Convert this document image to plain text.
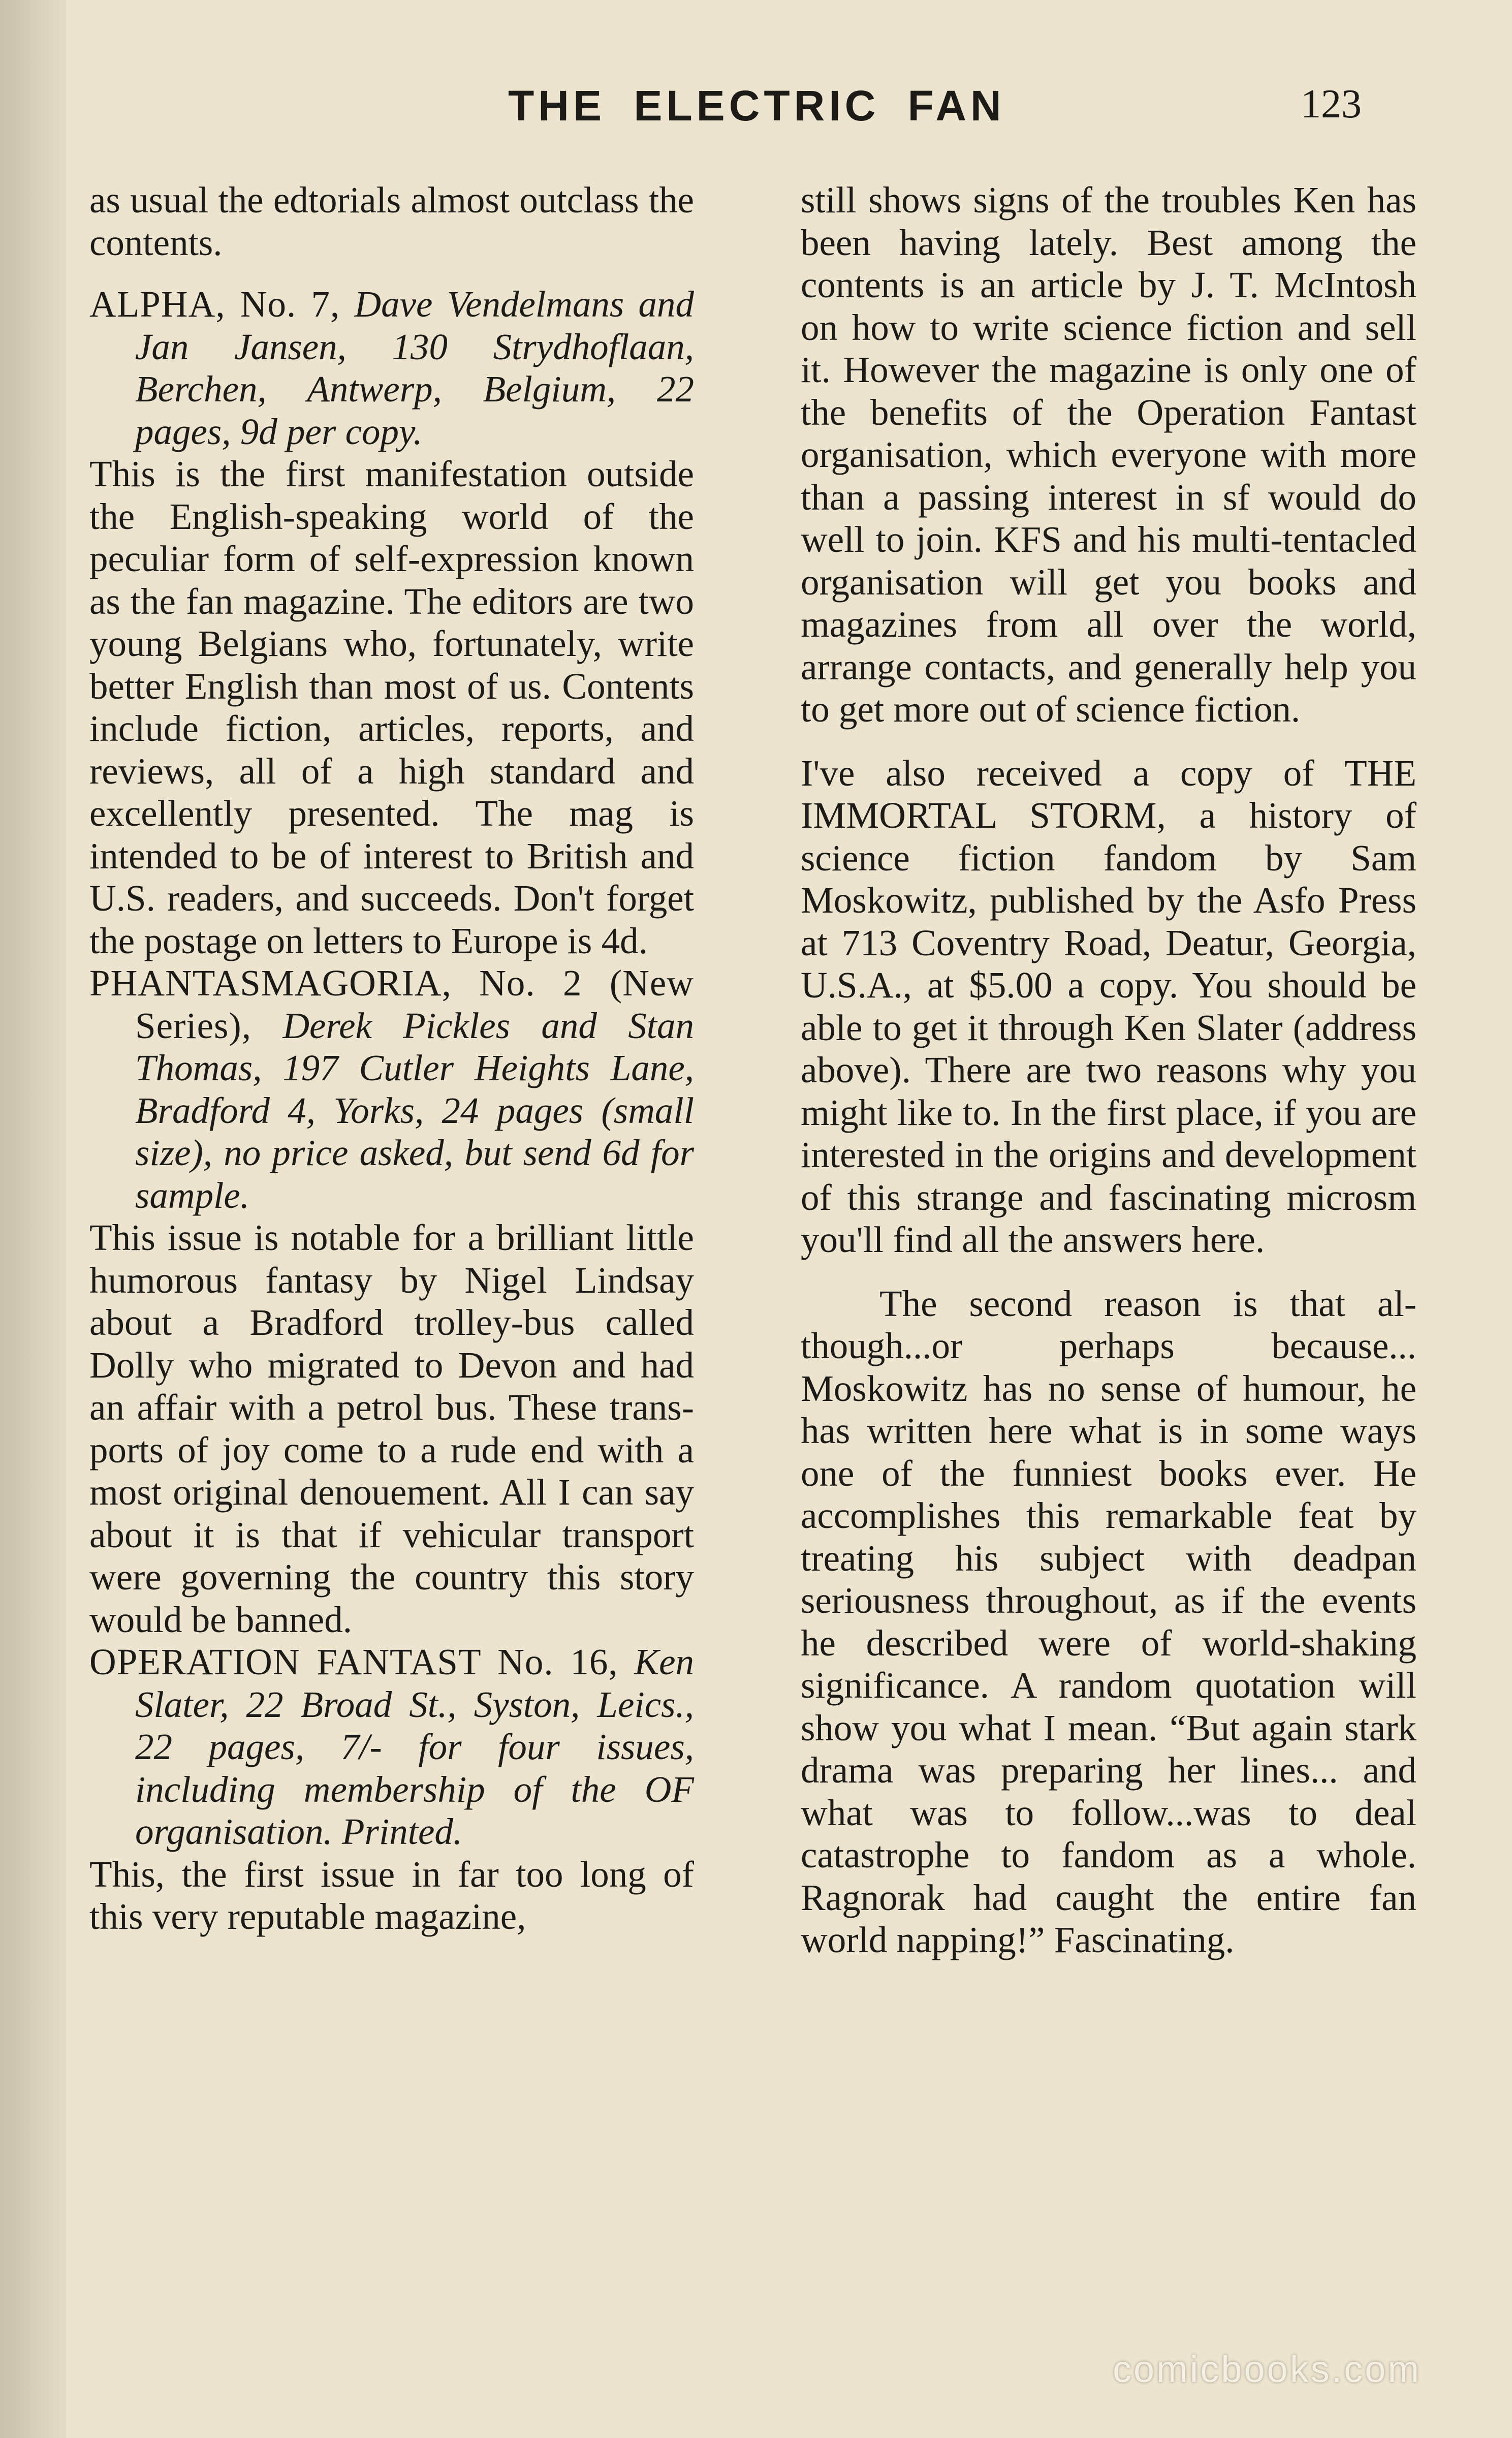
THE ELECTRIC FAN	123

as usual the edtorials almost outclass the contents.

ALPHA, No. 7, Dave Vendelmans and Jan Jansen, 130 Strydhoflaan, Berchen, Antwerp, Belgium, 22 pages, 9d per copy.

This is the first manifestation outside the English-speaking world of the peculiar form of self-expression known as the fan magazine. The editors are two young Belgians who, fortunately, write better English than most of us. Contents include fiction, articles, reports, and reviews, all of a high standard and excellently presented. The mag is intended to be of interest to British and U.S. readers, and succeeds. Don't forget the postage on letters to Europe is 4d.

PHANTASMAGORIA, No. 2 (New Series), Derek Pickles and Stan Thomas, 197 Cutler Heights Lane, Bradford 4, Yorks, 24 pages (small size), no price asked, but send 6d for sample.

This issue is notable for a brilliant little humorous fantasy by Nigel Lindsay about a Bradford trolley-bus called Dolly who migrated to Devon and had an affair with a petrol bus. These transports of joy come to a rude end with a most original denouement. All I can say about it is that if vehicular transport were governing the country this story would be banned.

OPERATION FANTAST No. 16, Ken Slater, 22 Broad St., Syston, Leics., 22 pages, 7/- for four issues, including membership of the OF organisation. Printed.

This, the first issue in far too long of this very reputable magazine,

still shows signs of the troubles Ken has been having lately. Best among the contents is an article by J. T. McIntosh on how to write science fiction and sell it. However the magazine is only one of the benefits of the Operation Fantast organisation, which everyone with more than a passing interest in sf would do well to join. KFS and his multi-tentacled organisation will get you books and magazines from all over the world, arrange contacts, and generally help you to get more out of science fiction.

I've also received a copy of THE IMMORTAL STORM, a history of science fiction fandom by Sam Moskowitz, published by the Asfo Press at 713 Coventry Road, Deatur, Georgia, U.S.A., at $5.00 a copy. You should be able to get it through Ken Slater (address above). There are two reasons why you might like to. In the first place, if you are interested in the origins and development of this strange and fascinating microsm you'll find all the answers here.

The second reason is that although...or perhaps because... Moskowitz has no sense of humour, he has written here what is in some ways one of the funniest books ever. He accomplishes this remarkable feat by treating his subject with deadpan seriousness throughout, as if the events he described were of world-shaking significance. A random quotation will show you what I mean. “But again stark drama was preparing her lines... and what was to follow...was to deal catastrophe to fandom as a whole. Ragnorak had caught the entire fan world napping!” Fascinating.

comicbooks.com
